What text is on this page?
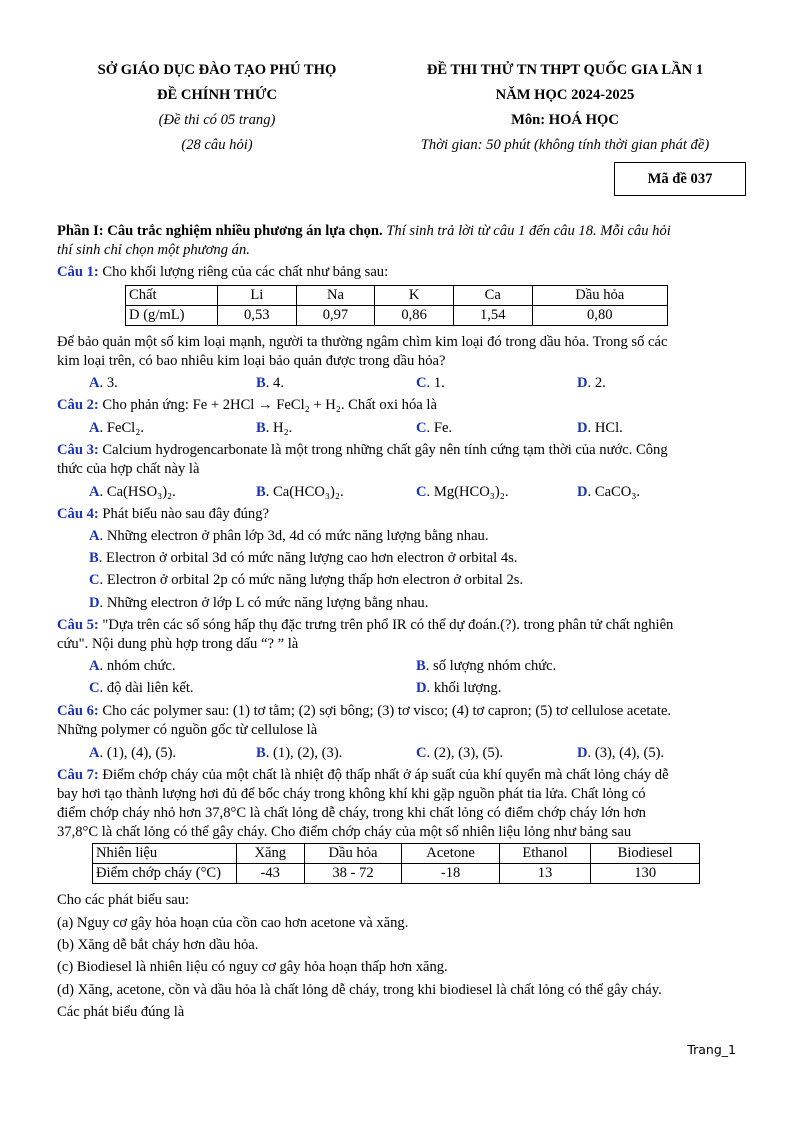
SỞ GIÁO DỤC ĐÀO TẠO PHÚ THỌ
ĐỀ CHÍNH THỨC
(Đề thi có 05 trang)
(28 câu hỏi)
ĐỀ THI THỬ TN THPT QUỐC GIA LẦN 1
NĂM HỌC 2024-2025
Môn: HOÁ HỌC
Thời gian: 50 phút (không tính thời gian phát đề)
Mã đề 037
Phần I: Câu trắc nghiệm nhiều phương án lựa chọn. Thí sinh trả lời từ câu 1 đến câu 18. Mỗi câu hỏi
thí sinh chỉ chọn một phương án.
Câu 1: Cho khối lượng riêng của các chất như bảng sau:
Chất	Li	Na	K	Ca	Dầu hỏa
D (g/mL)	0,53	0,97	0,86	1,54	0,80
Để bảo quản một số kim loại mạnh, người ta thường ngâm chìm kim loại đó trong dầu hỏa. Trong số các
kim loại trên, có bao nhiêu kim loại bảo quản được trong dầu hỏa?
A. 3.	B. 4.	C. 1.	D. 2.
Câu 2: Cho phản ứng: Fe + 2HCl → FeCl₂ + H₂. Chất oxi hóa là
A. FeCl₂.	B. H₂.	C. Fe.	D. HCl.
Câu 3: Calcium hydrogencarbonate là một trong những chất gây nên tính cứng tạm thời của nước. Công
thức của hợp chất này là
A. Ca(HSO₃)₂.	B. Ca(HCO₃)₂.	C. Mg(HCO₃)₂.	D. CaCO₃.
Câu 4: Phát biểu nào sau đây đúng?
A. Những electron ở phân lớp 3d, 4d có mức năng lượng bằng nhau.
B. Electron ở orbital 3d có mức năng lượng cao hơn electron ở orbital 4s.
C. Electron ở orbital 2p có mức năng lượng thấp hơn electron ở orbital 2s.
D. Những electron ở lớp L có mức năng lượng bằng nhau.
Câu 5: "Dựa trên các số sóng hấp thụ đặc trưng trên phổ IR có thể dự đoán.(?). trong phân tử chất nghiên
cứu". Nội dung phù hợp trong dấu “? ” là
A. nhóm chức.	B. số lượng nhóm chức.
C. độ dài liên kết.	D. khối lượng.
Câu 6: Cho các polymer sau: (1) tơ tằm; (2) sợi bông; (3) tơ visco; (4) tơ capron; (5) tơ cellulose acetate.
Những polymer có nguồn gốc từ cellulose là
A. (1), (4), (5).	B. (1), (2), (3).	C. (2), (3), (5).	D. (3), (4), (5).
Câu 7: Điểm chớp cháy của một chất là nhiệt độ thấp nhất ở áp suất của khí quyển mà chất lỏng cháy dễ
bay hơi tạo thành lượng hơi đủ để bốc cháy trong không khí khi gặp nguồn phát tia lửa. Chất lỏng có
điểm chớp cháy nhỏ hơn 37,8°C là chất lỏng dễ cháy, trong khi chất lỏng có điểm chớp cháy lớn hơn
37,8°C là chất lỏng có thể gây cháy. Cho điểm chớp cháy của một số nhiên liệu lỏng như bảng sau
Nhiên liệu	Xăng	Dầu hỏa	Acetone	Ethanol	Biodiesel
Điểm chớp cháy (°C)	-43	38 - 72	-18	13	130
Cho các phát biểu sau:
(a) Nguy cơ gây hỏa hoạn của cồn cao hơn acetone và xăng.
(b) Xăng dễ bắt cháy hơn dầu hỏa.
(c) Biodiesel là nhiên liệu có nguy cơ gây hỏa hoạn thấp hơn xăng.
(d) Xăng, acetone, cồn và dầu hỏa là chất lỏng dễ cháy, trong khi biodiesel là chất lỏng có thể gây cháy.
Các phát biểu đúng là
Trang_1
